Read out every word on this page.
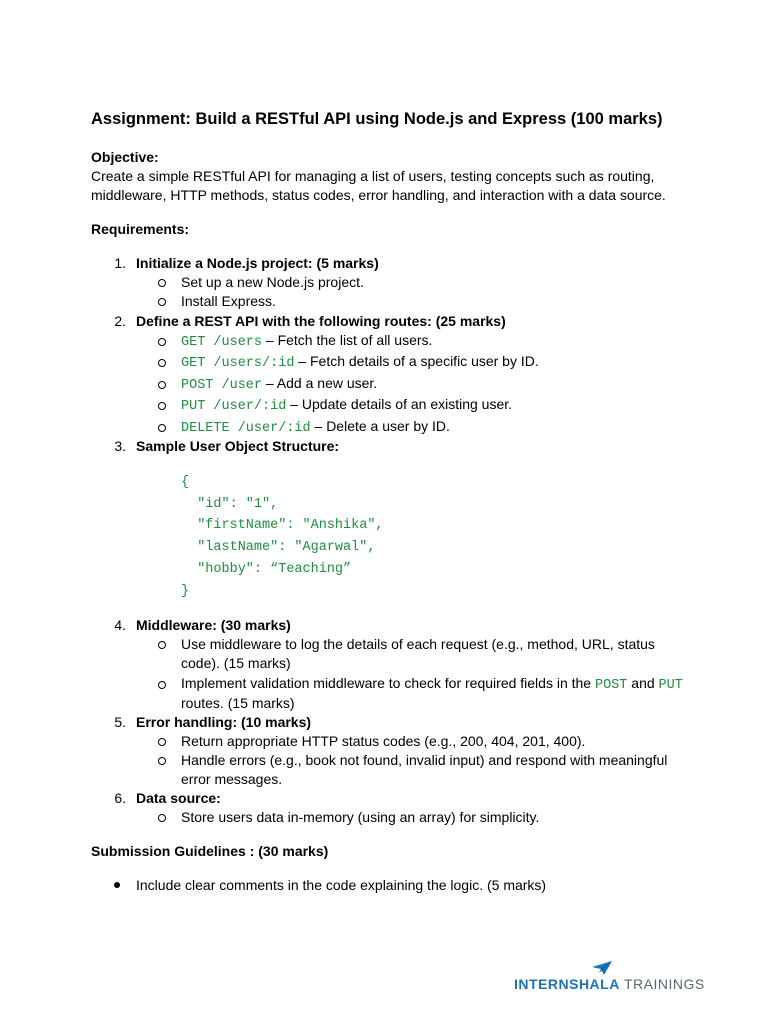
Assignment: Build a RESTful API using Node.js and Express (100 marks)
Objective:
Create a simple RESTful API for managing a list of users, testing concepts such as routing,
middleware, HTTP methods, status codes, error handling, and interaction with a data source.
Requirements:
1. Initialize a Node.js project: (5 marks)
Set up a new Node.js project.
Install Express.
2. Define a REST API with the following routes: (25 marks)
GET /users – Fetch the list of all users.
GET /users/:id – Fetch details of a specific user by ID.
POST /user – Add a new user.
PUT /user/:id – Update details of an existing user.
DELETE /user/:id – Delete a user by ID.
3. Sample User Object Structure:
{
"id": "1",
"firstName": "Anshika",
"lastName": "Agarwal",
"hobby": “Teaching”
}
4. Middleware: (30 marks)
Use middleware to log the details of each request (e.g., method, URL, status
code). (15 marks)
Implement validation middleware to check for required fields in the POST and PUT
routes. (15 marks)
5. Error handling: (10 marks)
Return appropriate HTTP status codes (e.g., 200, 404, 201, 400).
Handle errors (e.g., book not found, invalid input) and respond with meaningful
error messages.
6. Data source:
Store users data in-memory (using an array) for simplicity.
Submission Guidelines : (30 marks)
Include clear comments in the code explaining the logic. (5 marks)
INTERNSHALA TRAININGS
